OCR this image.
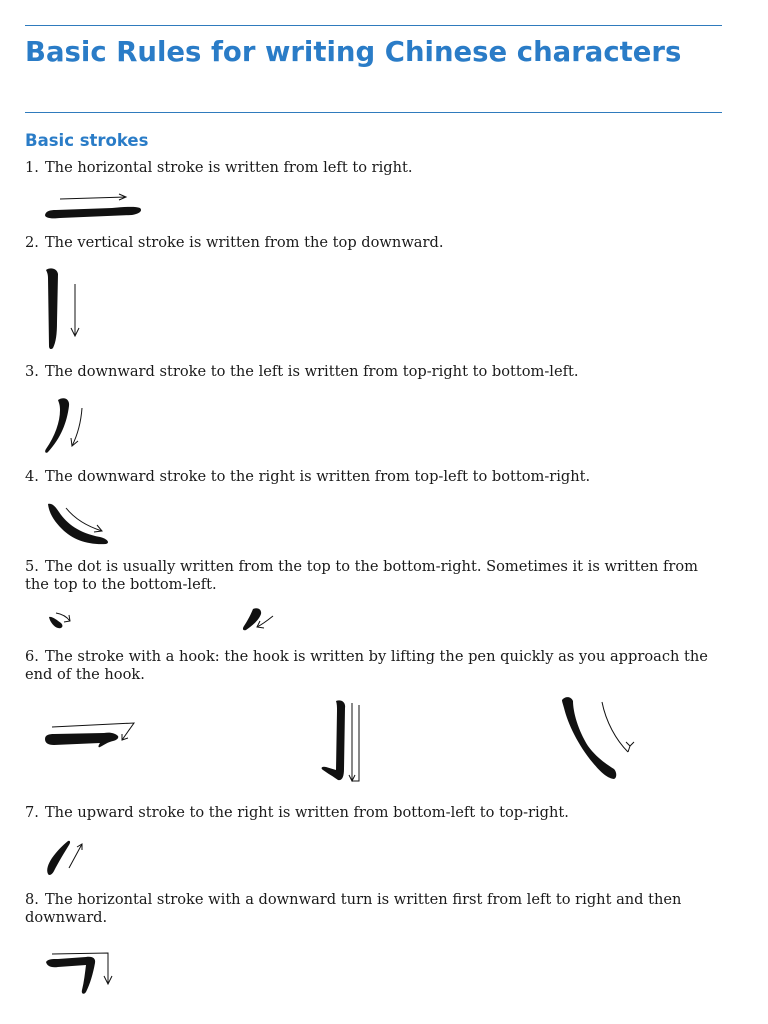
Basic Rules for writing Chinese characters
Basic strokes

1. The horizontal stroke is written from left to right.

2. The vertical stroke is written from the top downward.

3. The downward stroke to the left is written from top-right to bottom-left.

4. The downward stroke to the right is written from top-left to bottom-right.

5. The dot is usually written from the top to the bottom-right. Sometimes it is written from the top to the bottom-left.

6. The stroke with a hook: the hook is written by lifting the pen quickly as you approach the end of the hook.

7. The upward stroke to the right is written from bottom-left to top-right.

8. The horizontal stroke with a downward turn is written first from left to right and then downward.
